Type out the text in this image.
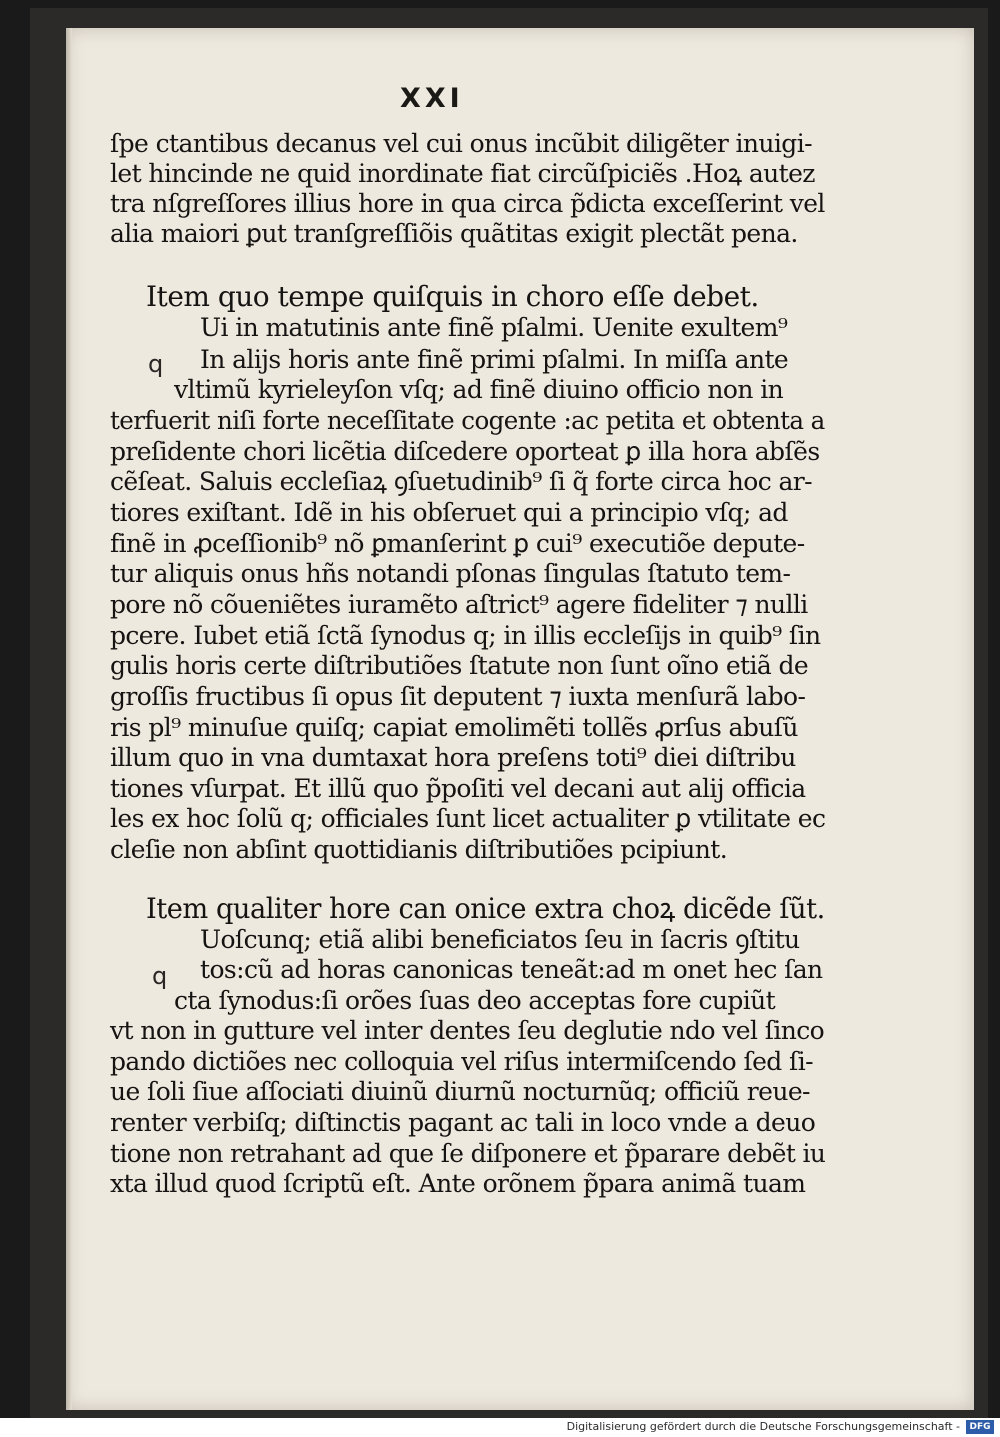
XXI
ſpe ctantibus decanus vel cui onus incũbit diligẽter inuigi‑
let hincinde ne quid inordinate fiat circũſpiciẽs .Hoꝝ autez
tra nſgreſſores illius hore in qua circa p̃dicta exceſſerint vel
alia maiori ꝑut tranſgreſſiõis quãtitas exigit plectãt pena.
Item quo tempe quiſquis in choro eſſe debet.
q
Ui in matutinis ante finẽ pſalmi. Uenite exultem⁹
In alijs horis ante finẽ primi pſalmi. In miſſa ante
vltimũ kyrieleyſon vſq; ad finẽ diuino officio non in
terfuerit niſi forte neceſſitate cogente :ac petita et obtenta a
preſidente chori licẽtia diſcedere oporteat ꝑ illa hora abſẽs
cẽſeat. Saluis eccleſiaꝝ ꝯſuetudinib⁹ ſi q̃ forte circa hoc ar‑
tiores exiſtant. Idẽ in his obſeruet qui a principio vſq; ad
finẽ in ꝓceſſionib⁹ nõ ꝑmanſerint ꝑ cui⁹ executiõe depute‑
tur aliquis onus hñs notandi pſonas ſingulas ſtatuto tem‑
pore nõ cõueniẽtes iuramẽto aſtrict⁹ agere fideliter ⁊ nulli
pcere. Iubet etiã ſctã ſynodus q; in illis eccleſijs in quib⁹ ſin
gulis horis certe diſtributiões ſtatute non ſunt oĩno etiã de
groſſis fructibus ſi opus ſit deputent ⁊ iuxta menſurã labo‑
ris pl⁹ minuſue quiſq; capiat emolimẽti tollẽs ꝓrſus abuſũ
illum quo in vna dumtaxat hora preſens toti⁹ diei diſtribu
tiones vſurpat. Et illũ quo p̃poſiti vel decani aut alij officia
les ex hoc ſolũ q; officiales ſunt licet actualiter ꝑ vtilitate ec
cleſie non abſint quottidianis diſtributiões pcipiunt.
Item qualiter hore can onice extra choꝝ dicẽde ſũt.
q
Uoſcunq; etiã alibi beneficiatos ſeu in ſacris ꝯſtitu
tos:cũ ad horas canonicas teneãt:ad m onet hec ſan
cta ſynodus:ſi orões ſuas deo acceptas fore cupiũt
vt non in gutture vel inter dentes ſeu deglutie ndo vel ſinco
pando dictiões nec colloquia vel riſus intermiſcendo ſed ſi‑
ue ſoli ſiue aſſociati diuinũ diurnũ nocturnũq; officiũ reue‑
renter verbiſq; diſtinctis pagant ac tali in loco vnde a deuo
tione non retrahant ad que ſe diſponere et p̃parare debẽt iu
xta illud quod ſcriptũ eſt. Ante orõnem p̃para animã tuam
Digitalisierung gefördert durch die Deutsche Forschungsgemeinschaft -	DFG
